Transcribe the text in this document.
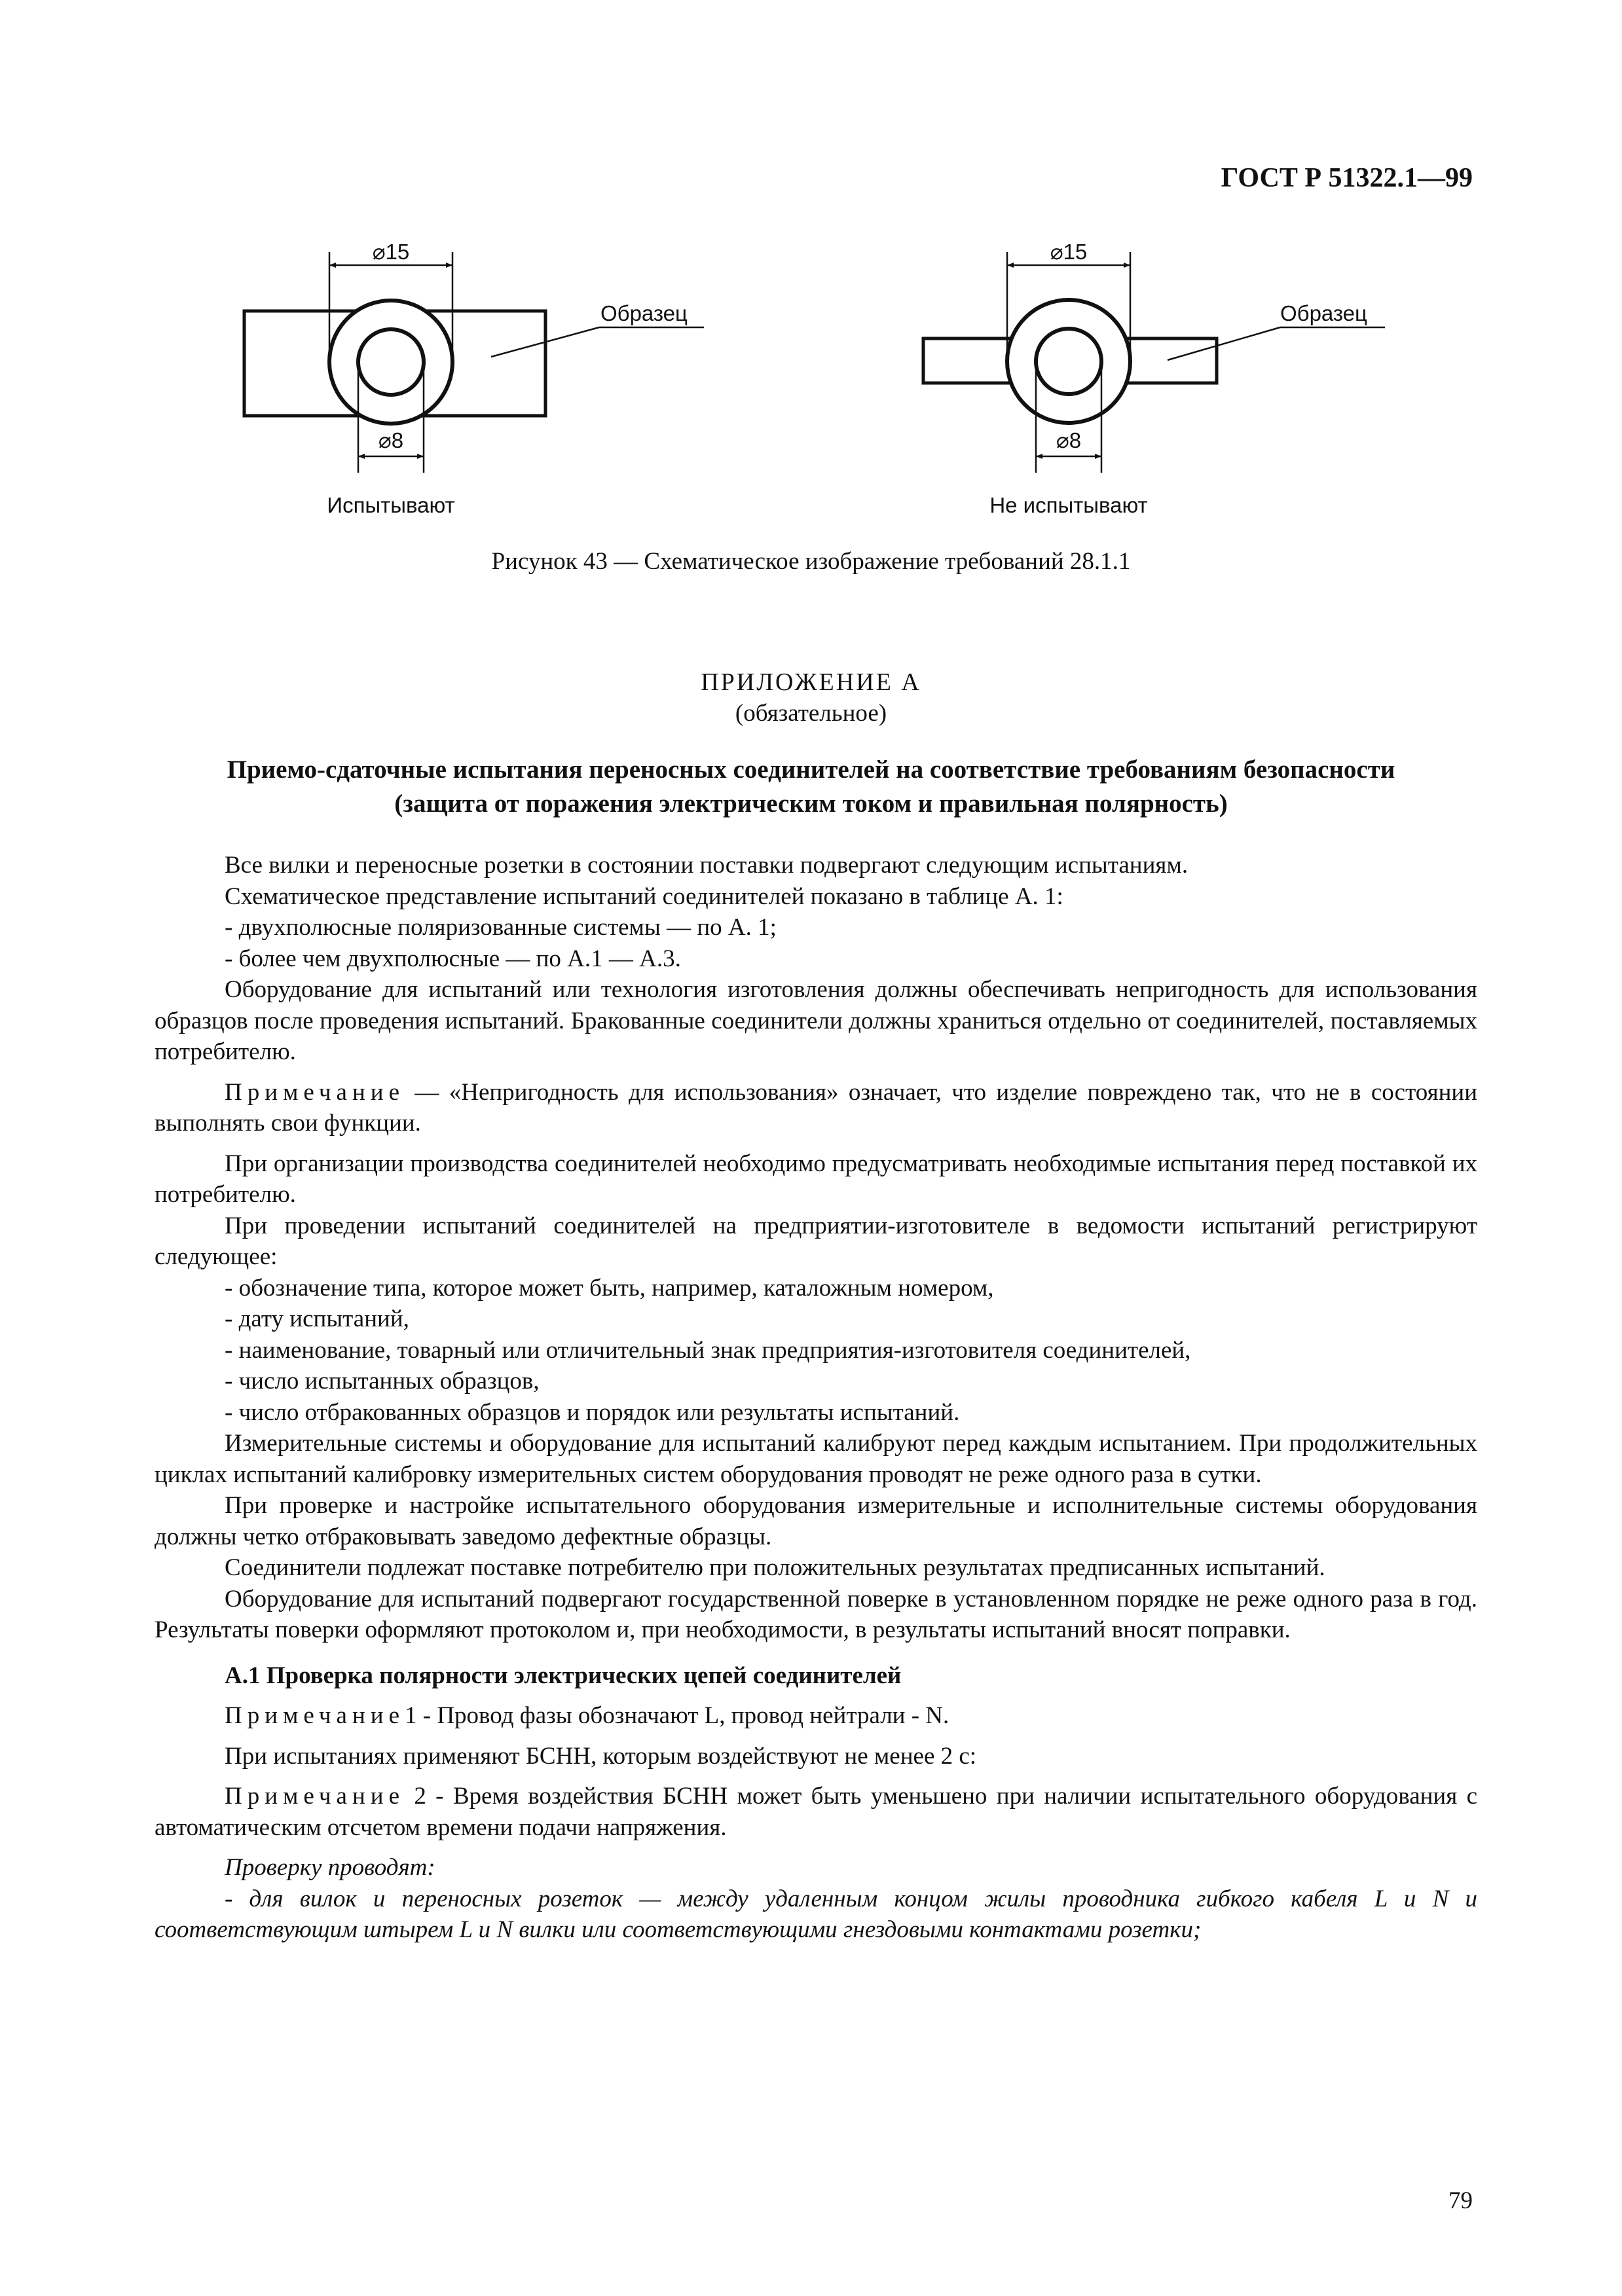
ГОСТ Р 51322.1—99
⌀15
⌀8
Образец
Испытывают
⌀15
⌀8
Образец
Не испытывают
Рисунок 43 — Схематическое изображение требований 28.1.1
ПРИЛОЖЕНИЕ А
(обязательное)
Приемо-сдаточные испытания переносных соединителей на соответствие требованиям безопасности
(защита от поражения электрическим током и правильная полярность)

Все вилки и переносные розетки в состоянии поставки подвергают следующим испытаниям.

Схематическое представление испытаний соединителей показано в таблице А. 1:

- двухполюсные поляризованные системы — по А. 1;

- более чем двухполюсные — по А.1 — А.3.

Оборудование для испытаний или технология изготовления должны обеспечивать непригодность для использования образцов после проведения испытаний. Бракованные соединители должны храниться отдельно от соединителей, поставляемых потребителю.

Примечание — «Непригодность для использования» означает, что изделие повреждено так, что не в состоянии выполнять свои функции.

При организации производства соединителей необходимо предусматривать необходимые испытания перед поставкой их потребителю.

При проведении испытаний соединителей на предприятии-изготовителе в ведомости испытаний регистрируют следующее:

- обозначение типа, которое может быть, например, каталожным номером,

- дату испытаний,

- наименование, товарный или отличительный знак предприятия-изготовителя соединителей,

- число испытанных образцов,

- число отбракованных образцов и порядок или результаты испытаний.

Измерительные системы и оборудование для испытаний калибруют перед каждым испытанием. При продолжительных циклах испытаний калибровку измерительных систем оборудования проводят не реже одного раза в сутки.

При проверке и настройке испытательного оборудования измерительные и исполнительные системы оборудования должны четко отбраковывать заведомо дефектные образцы.

Соединители подлежат поставке потребителю при положительных результатах предписанных испытаний.

Оборудование для испытаний подвергают государственной поверке в установленном порядке не реже одного раза в год. Результаты поверки оформляют протоколом и, при необходимости, в результаты испытаний вносят поправки.

А.1 Проверка полярности электрических цепей соединителей

Примечание1 - Провод фазы обозначают L, провод нейтрали - N.

При испытаниях применяют БСНН, которым воздействуют не менее 2 с:

Примечание 2 - Время воздействия БСНН может быть уменьшено при наличии испытательного оборудования с автоматическим отсчетом времени подачи напряжения.

Проверку проводят:

- для вилок и переносных розеток — между удаленным концом жилы проводника гибкого кабеля L и N и соответствующим штырем L и N вилки или соответствующими гнездовыми контактами розетки;

79
